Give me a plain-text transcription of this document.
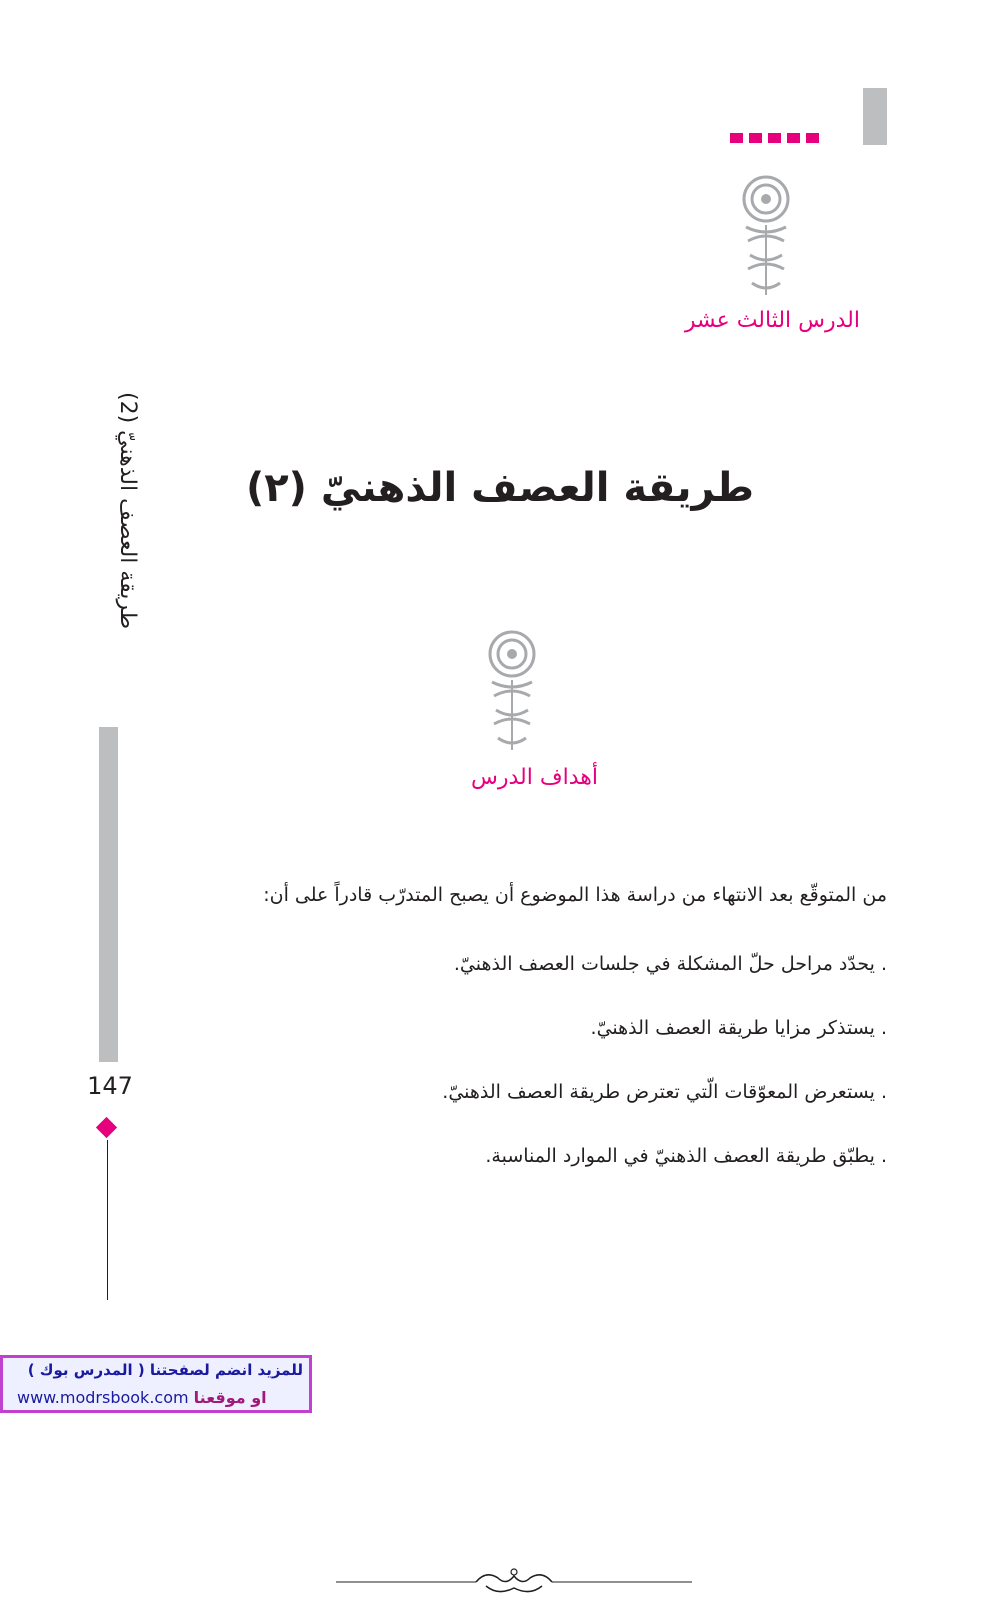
الدرس الثالث عشر
طريقة العصف الذهنيّ (٢)
أهداف الدرس
من المتوقّع بعد الانتهاء من دراسة هذا الموضوع أن يصبح المتدرّب قادراً على أن:
. يحدّد مراحل حلّ المشكلة في جلسات العصف الذهنيّ.
. يستذكر مزايا طريقة العصف الذهنيّ.
. يستعرض المعوّقات الّتي تعترض طريقة العصف الذهنيّ.
. يطبّق طريقة العصف الذهنيّ في الموارد المناسبة.
طريقة العصف الذهنيّ (2)
147
للمزيد انضم لصفحتنا ( المدرس بوك )
www.modrsbook.com او موقعنا
